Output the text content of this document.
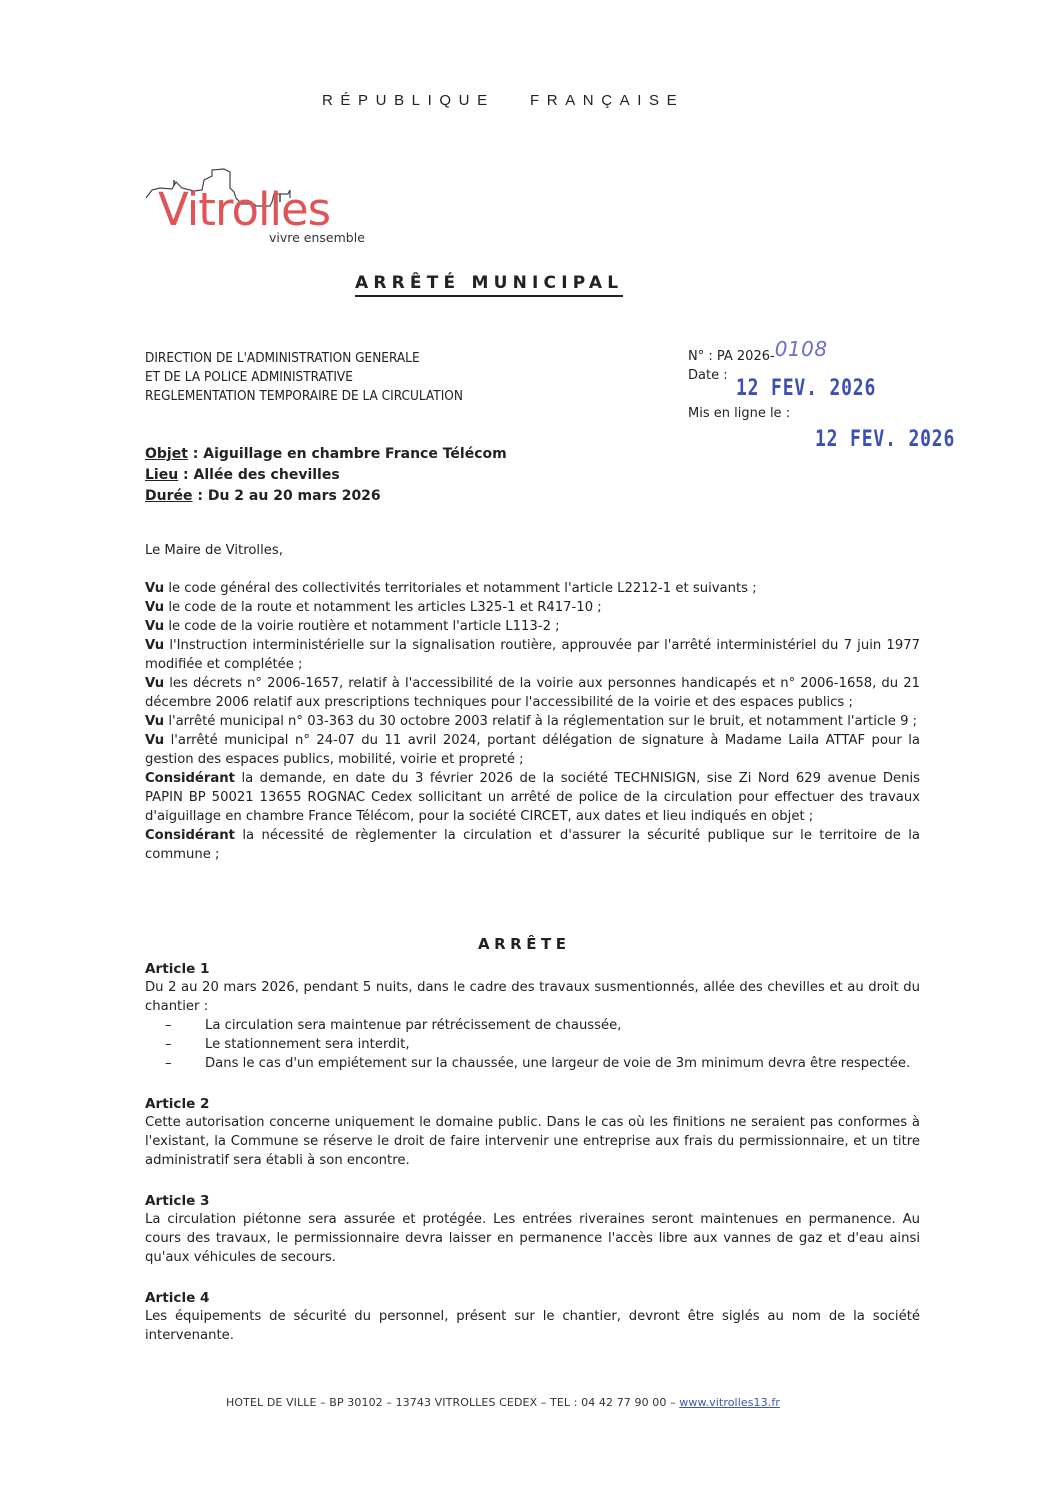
RÉPUBLIQUE   FRANÇAISE
Vitrolles
vivre ensemble
ARRÊTÉ MUNICIPAL
DIRECTION DE L'ADMINISTRATION GENERALE
ET DE LA POLICE ADMINISTRATIVE
REGLEMENTATION TEMPORAIRE DE LA CIRCULATION
N° : PA 2026-0108
Date :
Mis en ligne le :
12 FEV. 2026
12 FEV. 2026
Objet : Aiguillage en chambre France Télécom
Lieu : Allée des chevilles
Durée : Du 2 au 20 mars 2026
Le Maire de Vitrolles,
Vu le code général des collectivités territoriales et notamment l'article L2212-1 et suivants ;
Vu le code de la route et notamment les articles L325-1 et R417-10 ;
Vu le code de la voirie routière et notamment l'article L113-2 ;
Vu l'Instruction interministérielle sur la signalisation routière, approuvée par l'arrêté interministériel du 7 juin 1977 modifiée et complétée ;
Vu les décrets n° 2006-1657, relatif à l'accessibilité de la voirie aux personnes handicapés et n° 2006-1658, du 21 décembre 2006 relatif aux prescriptions techniques pour l'accessibilité de la voirie et des espaces publics ;
Vu l'arrêté municipal n° 03-363 du 30 octobre 2003 relatif à la réglementation sur le bruit, et notamment l'article 9 ;
Vu l'arrêté municipal n° 24-07 du 11 avril 2024, portant délégation de signature à Madame Laila ATTAF pour la gestion des espaces publics, mobilité, voirie et propreté ;
Considérant la demande, en date du 3 février 2026 de la société TECHNISIGN, sise Zi Nord 629 avenue Denis PAPIN BP 50021 13655 ROGNAC Cedex sollicitant un arrêté de police de la circulation pour effectuer des travaux d'aiguillage en chambre France Télécom, pour la société CIRCET, aux dates et lieu indiqués en objet ;
Considérant la nécessité de règlementer la circulation et d'assurer la sécurité publique sur le territoire de la commune ;
ARRÊTE
Article 1
Du 2 au 20 mars 2026, pendant 5 nuits, dans le cadre des travaux susmentionnés, allée des chevilles et au droit du chantier :
– La circulation sera maintenue par rétrécissement de chaussée,
– Le stationnement sera interdit,
– Dans le cas d'un empiétement sur la chaussée, une largeur de voie de 3m minimum devra être respectée.
Article 2
Cette autorisation concerne uniquement le domaine public. Dans le cas où les finitions ne seraient pas conformes à l'existant, la Commune se réserve le droit de faire intervenir une entreprise aux frais du permissionnaire, et un titre administratif sera établi à son encontre.
Article 3
La circulation piétonne sera assurée et protégée. Les entrées riveraines seront maintenues en permanence. Au cours des travaux, le permissionnaire devra laisser en permanence l'accès libre aux vannes de gaz et d'eau ainsi qu'aux véhicules de secours.
Article 4
Les équipements de sécurité du personnel, présent sur le chantier, devront être siglés au nom de la société intervenante.
HOTEL DE VILLE – BP 30102 – 13743 VITROLLES CEDEX – TEL : 04 42 77 90 00 – www.vitrolles13.fr
